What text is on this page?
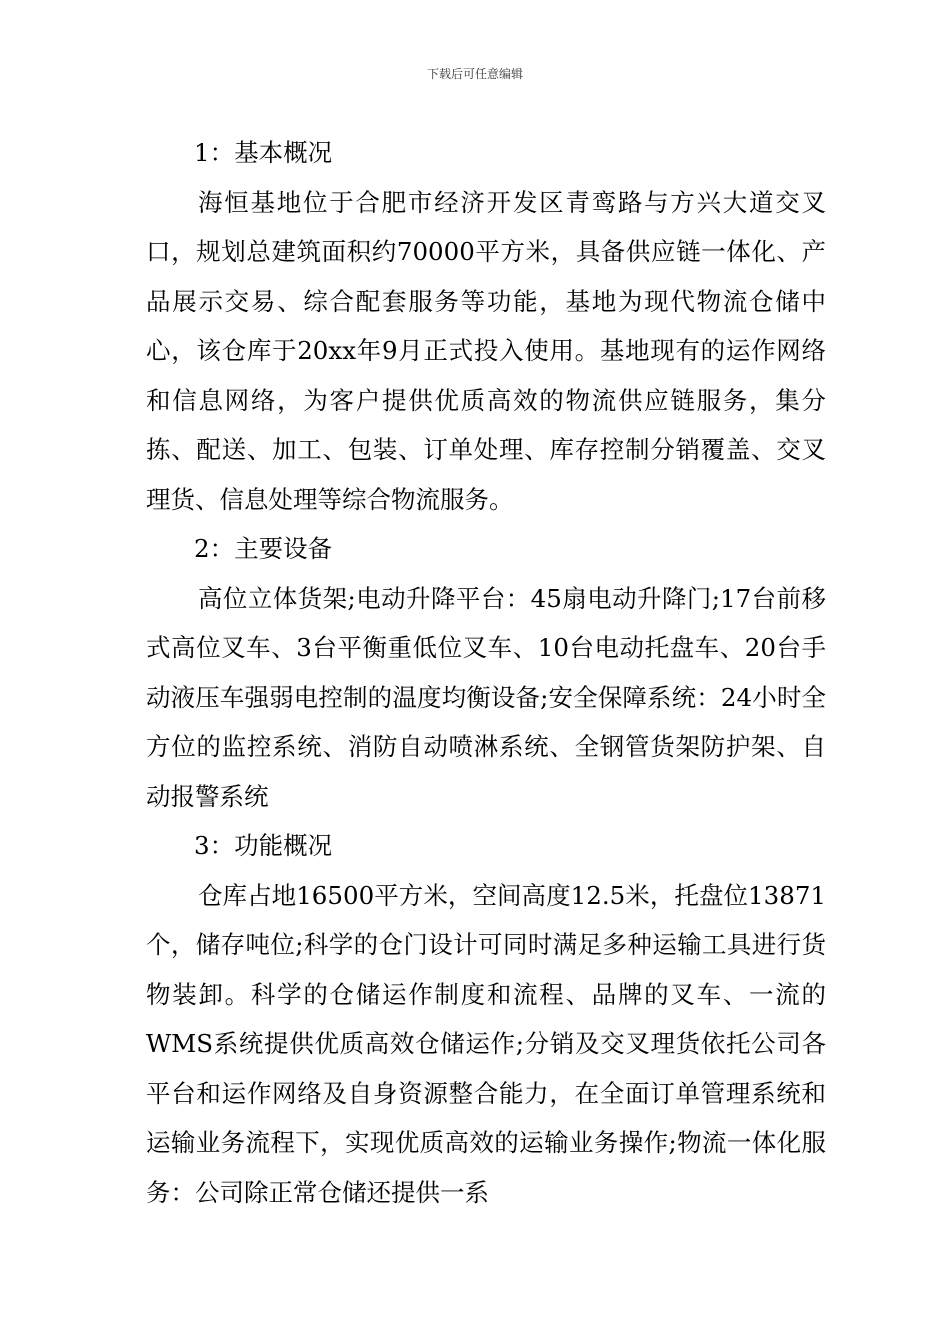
下载后可任意编辑

1：基本概况

海恒基地位于合肥市经济开发区青鸾路与方兴大道交叉口，规划总建筑面积约70000平方米，具备供应链一体化、产品展示交易、综合配套服务等功能，基地为现代物流仓储中心，该仓库于20xx年9月正式投入使用。基地现有的运作网络和信息网络，为客户提供优质高效的物流供应链服务，集分拣、配送、加工、包装、订单处理、库存控制分销覆盖、交叉理货、信息处理等综合物流服务。

2：主要设备

高位立体货架;电动升降平台：45扇电动升降门;17台前移式高位叉车、3台平衡重低位叉车、10台电动托盘车、20台手动液压车强弱电控制的温度均衡设备;安全保障系统：24小时全方位的监控系统、消防自动喷淋系统、全钢管货架防护架、自动报警系统

3：功能概况

仓库占地16500平方米，空间高度12.5米，托盘位13871个，储存吨位;科学的仓门设计可同时满足多种运输工具进行货物装卸。科学的仓储运作制度和流程、品牌的叉车、一流的WMS系统提供优质高效仓储运作;分销及交叉理货依托公司各平台和运作网络及自身资源整合能力，在全面订单管理系统和运输业务流程下，实现优质高效的运输业务操作;物流一体化服务：公司除正常仓储还提供一系
